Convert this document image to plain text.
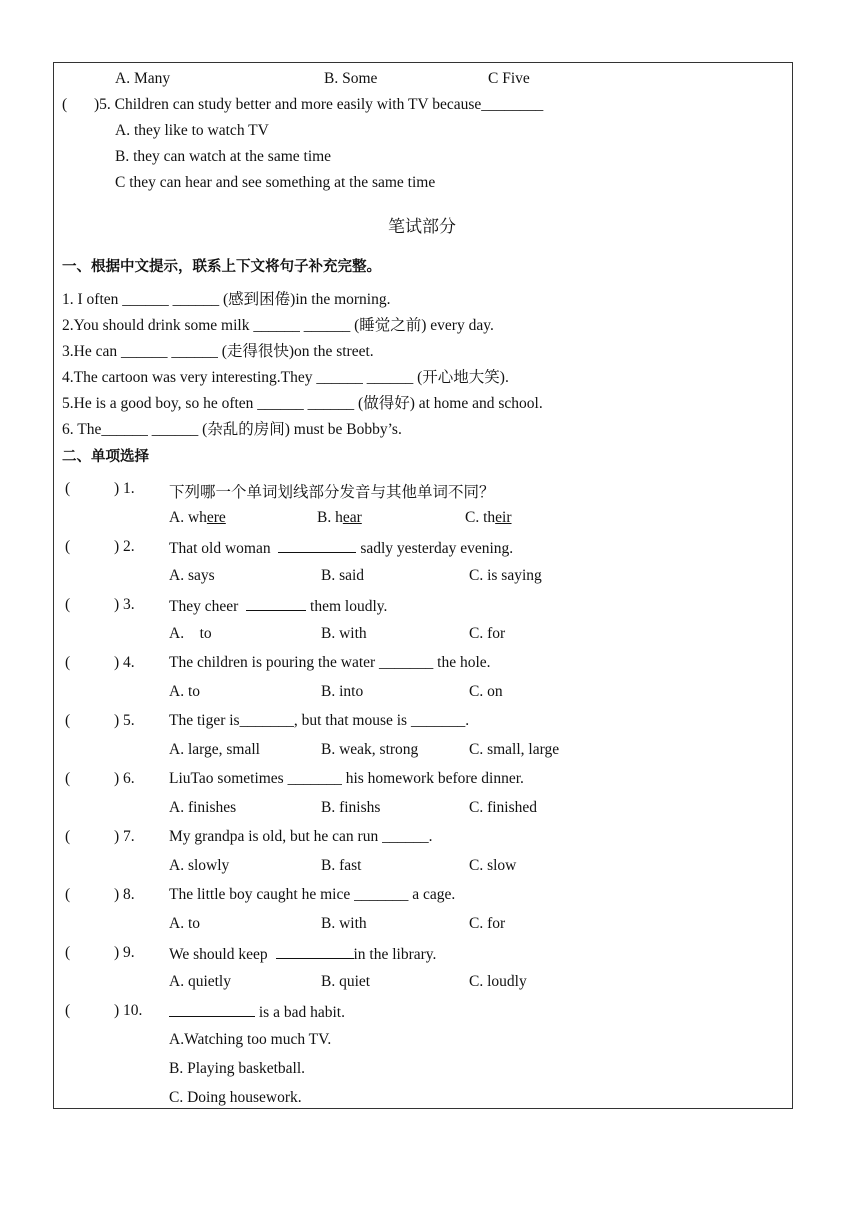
A. Many	B. Some	C Five
( )5. Children can study better and more easily with TV because________
A. they like to watch TV
B. they can watch at the same time
C they can hear and see something at the same time
笔试部分
一、根据中文提示，联系上下文将句子补充完整。
1. I often ______ ______ (感到困倦)in the morning.
2.You should drink some milk ______ ______ (睡觉之前) every day.
3.He can ______ ______ (走得很快)on the street.
4.The cartoon was very interesting.They ______ ______ (开心地大笑).
5.He is a good boy, so he often ______ ______ (做得好) at home and school.
6. The______ ______ (杂乱的房间) must be Bobby’s.
二、单项选择
(	) 1. 下列哪一个单词划线部分发音与其他单词不同？
A. where	B. hear	C. their
(	) 2. That old woman	sadly yesterday evening.
A. says	B. said	C. is saying
(	) 3. They cheer	them loudly.
A.    to	B. with	C. for
(	) 4. The children is pouring the water _______ the hole.
A. to	B. into	C. on
(	) 5. The tiger is_______, but that mouse is _______.
A. large, small	B. weak, strong	C. small, large
(	) 6. LiuTao sometimes _______ his homework before dinner.
A. finishes	B. finishs	C. finished
(	) 7. My grandpa is old, but he can run ______.
A. slowly	B. fast	C. slow
(	) 8. The little boy caught he mice _______ a cage.
A. to	B. with	C. for
(	) 9. We should keep	in the library.
A. quietly	B. quiet	C. loudly
(	) 10.	is a bad habit.
A.Watching too much TV.
B. Playing basketball.
C. Doing housework.
